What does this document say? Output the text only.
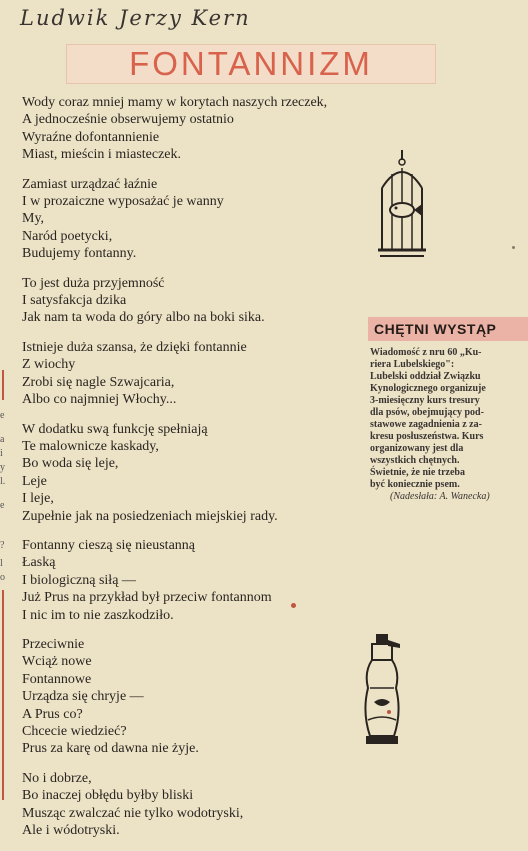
Ludwik Jerzy Kern
FONTANNIZM
Wody coraz mniej mamy w korytach naszych rzeczek,
A jednocześnie obserwujemy ostatnio
Wyraźne dofontannienie
Miast, mieścin i miasteczek.
Zamiast urządzać łaźnie
I w prozaiczne wyposażać je wanny
My,
Naród poetycki,
Budujemy fontanny.
To jest duża przyjemność
I satysfakcja dzika
Jak nam ta woda do góry albo na boki sika.
Istnieje duża szansa, że dzięki fontannie
Z wiochy
Zrobi się nagle Szwajcaria,
Albo co najmniej Włochy...
W dodatku swą funkcję spełniają
Te malownicze kaskady,
Bo woda się leje,
Leje
I leje,
Zupełnie jak na posiedzeniach miejskiej rady.
Fontanny cieszą się nieustanną
Łaską
I biologiczną siłą —
Już Prus na przykład był przeciw fontannom
I nic im to nie zaszkodziło.
Przeciwnie
Wciąż nowe
Fontannowe
Urządza się chryje —
A Prus co?
Chcecie wiedzieć?
Prus za karę od dawna nie żyje.
No i dobrze,
Bo inaczej obłędu byłby bliski
Musząc zwalczać nie tylko wodotryski,
Ale i wódotryski.
CHĘTNI WYSTĄP
Wiadomość z nru 60 „Ku-
riera Lubelskiego":
Lubelski oddział Związku
Kynologicznego organizuje
3-miesięczny kurs tresury
dla psów, obejmujący pod-
stawowe zagadnienia z za-
kresu posłuszeństwa. Kurs
organizowany jest dla
wszystkich chętnych.
Świetnie, że nie trzeba
być koniecznie psem.
(Nadesłała: A. Wanecka)
e
a
i
y
l.
e
?
l
o
